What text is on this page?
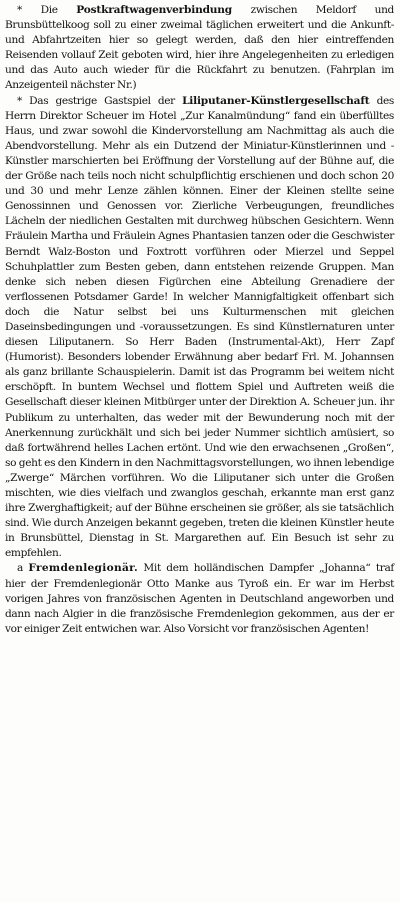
* Die Postkraftwagenverbindung zwischen Meldorf und Brunsbüttelkoog soll zu einer zweimal täglichen erweitert und die Ankunft- und Abfahrtzeiten hier so gelegt werden, daß den hier eintreffenden Reisenden vollauf Zeit geboten wird, hier ihre Angelegenheiten zu erledigen und das Auto auch wieder für die Rückfahrt zu benutzen. (Fahrplan im Anzeigenteil nächster Nr.)

* Das gestrige Gastspiel der Liliputaner-Künstlergesellschaft des Herrn Direktor Scheuer im Hotel „Zur Kanalmündung“ fand ein überfülltes Haus, und zwar sowohl die Kindervorstellung am Nachmittag als auch die Abendvorstellung. Mehr als ein Dutzend der Miniatur-Künstlerinnen und -Künstler marschierten bei Eröffnung der Vorstellung auf der Bühne auf, die der Größe nach teils noch nicht schulpflichtig erschienen und doch schon 20 und 30 und mehr Lenze zählen können. Einer der Kleinen stellte seine Genossinnen und Genossen vor. Zierliche Verbeugungen, freundliches Lächeln der niedlichen Gestalten mit durchweg hübschen Gesichtern. Wenn Fräulein Martha und Fräulein Agnes Phantasien tanzen oder die Geschwister Berndt Walz-Boston und Foxtrott vorführen oder Mierzel und Seppel Schuhplattler zum Besten geben, dann entstehen reizende Gruppen. Man denke sich neben diesen Figürchen eine Abteilung Grenadiere der verflossenen Potsdamer Garde! In welcher Mannigfaltigkeit offenbart sich doch die Natur selbst bei uns Kulturmenschen mit gleichen Daseinsbedingungen und -voraussetzungen. Es sind Künstlernaturen unter diesen Liliputanern. So Herr Baden (Instrumental-Akt), Herr Zapf (Humorist). Besonders lobender Erwähnung aber bedarf Frl. M. Johannsen als ganz brillante Schauspielerin. Damit ist das Programm bei weitem nicht erschöpft. In buntem Wechsel und flottem Spiel und Auftreten weiß die Gesellschaft dieser kleinen Mitbürger unter der Direktion A. Scheuer jun. ihr Publikum zu unterhalten, das weder mit der Bewunderung noch mit der Anerkennung zurückhält und sich bei jeder Nummer sichtlich amüsiert, so daß fortwährend helles Lachen ertönt. Und wie den erwachsenen „Großen“, so geht es den Kindern in den Nachmittagsvorstellungen, wo ihnen lebendige „Zwerge“ Märchen vorführen. Wo die Liliputaner sich unter die Großen mischten, wie dies vielfach und zwanglos geschah, erkannte man erst ganz ihre Zwerghaftigkeit; auf der Bühne erscheinen sie größer, als sie tatsächlich sind. Wie durch Anzeigen bekannt gegeben, treten die kleinen Künstler heute in Brunsbüttel, Dienstag in St. Margarethen auf. Ein Besuch ist sehr zu empfehlen.

a Fremdenlegionär. Mit dem holländischen Dampfer „Johanna“ traf hier der Fremdenlegionär Otto Manke aus Tyroß ein. Er war im Herbst vorigen Jahres von französischen Agenten in Deutschland angeworben und dann nach Algier in die französische Fremdenlegion gekommen, aus der er vor einiger Zeit entwichen war. Also Vorsicht vor französischen Agenten!
